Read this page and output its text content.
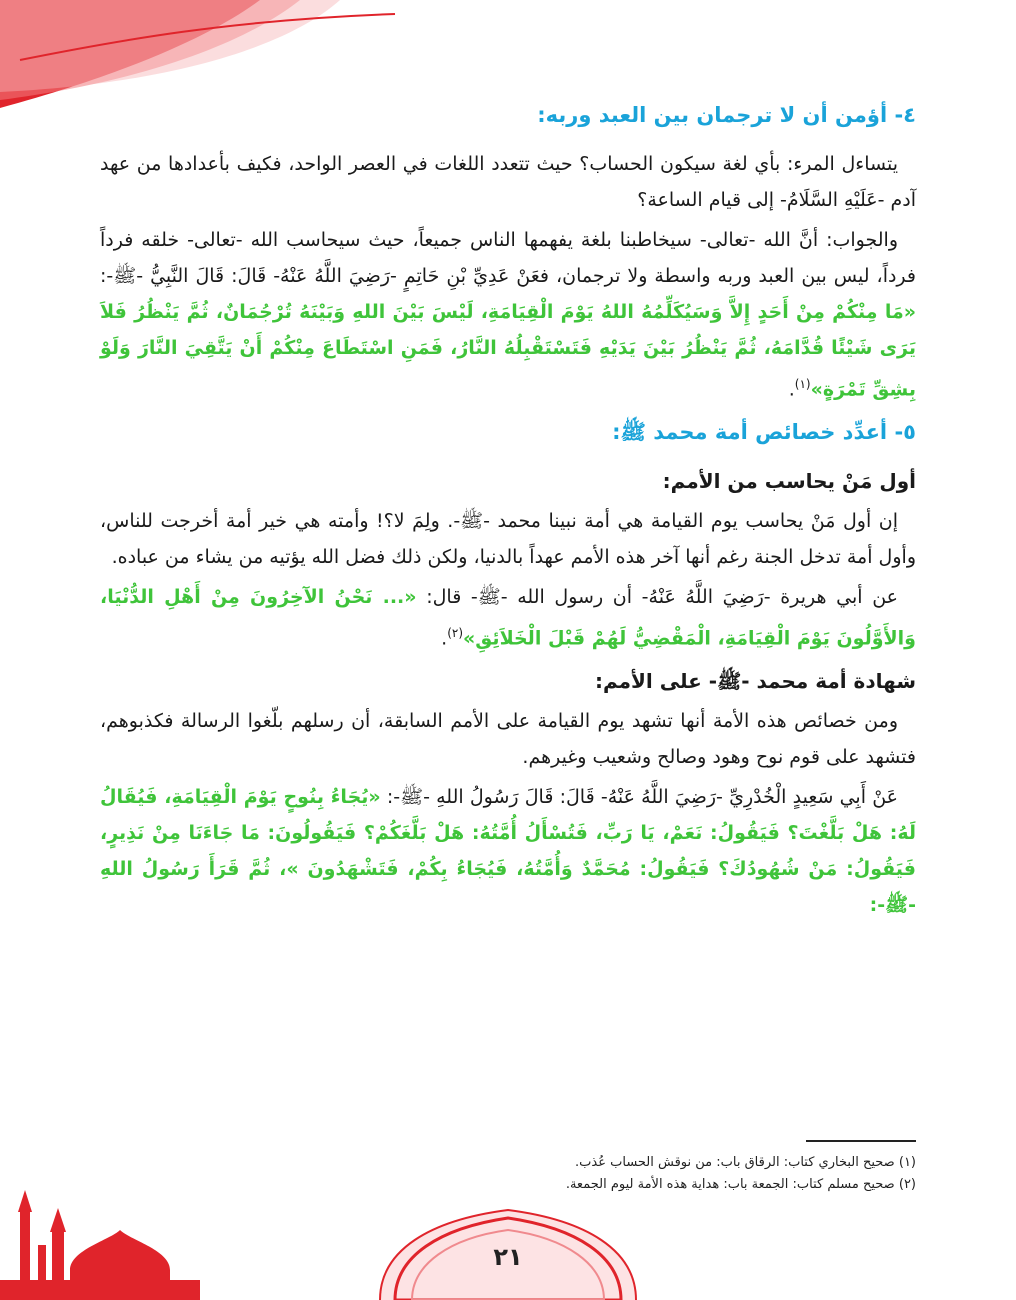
٤- أؤمن أن لا ترجمان بين العبد وربه:

يتساءل المرء: بأي لغة سيكون الحساب؟ حيث تتعدد اللغات في العصر الواحد، فكيف بأعدادها من عهد آدم -عَلَيْهِ السَّلَامُ- إلى قيام الساعة؟

والجواب: أنَّ الله -تعالى- سيخاطبنا بلغة يفهمها الناس جميعاً، حيث سيحاسب الله -تعالى- خلقه فرداً فرداً، ليس بين العبد وربه واسطة ولا ترجمان، فعَنْ عَدِيِّ بْنِ حَاتِمٍ -رَضِيَ اللَّهُ عَنْهُ- قَالَ: قَالَ النَّبِيُّ -ﷺ-: «مَا مِنْكُمْ مِنْ أَحَدٍ إِلاَّ وَسَيُكَلِّمُهُ اللهُ يَوْمَ الْقِيَامَةِ، لَيْسَ بَيْنَ اللهِ وَبَيْنَهُ تُرْجُمَانٌ، ثُمَّ يَنْظُرُ فَلاَ يَرَى شَيْئًا قُدَّامَهُ، ثُمَّ يَنْظُرُ بَيْنَ يَدَيْهِ فَتَسْتَقْبِلُهُ النَّارُ، فَمَنِ اسْتَطَاعَ مِنْكُمْ أَنْ يَتَّقِيَ النَّارَ وَلَوْ بِشِقِّ تَمْرَةٍ»$^{(١)}$.

٥- أعدِّد خصائص أمة محمد ﷺ:
أول مَنْ يحاسب من الأمم:

إن أول مَنْ يحاسب يوم القيامة هي أمة نبينا محمد -ﷺ-. ولِمَ لا؟! وأمته هي خير أمة أخرجت للناس، وأول أمة تدخل الجنة رغم أنها آخر هذه الأمم عهداً بالدنيا، ولكن ذلك فضل الله يؤتيه من يشاء من عباده.

عن أبي هريرة -رَضِيَ اللَّهُ عَنْهُ- أن رسول الله -ﷺ- قال: «... نَحْنُ الآخِرُونَ مِنْ أَهْلِ الدُّنْيَا، وَالأَوَّلُونَ يَوْمَ الْقِيَامَةِ، الْمَقْضِيُّ لَهُمْ قَبْلَ الْخَلاَئِقِ»$^{(٢)}$.

شهادة أمة محمد -ﷺ- على الأمم:

ومن خصائص هذه الأمة أنها تشهد يوم القيامة على الأمم السابقة، أن رسلهم بلّغوا الرسالة فكذبوهم، فتشهد على قوم نوح وهود وصالح وشعيب وغيرهم.

عَنْ أَبِي سَعِيدٍ الْخُدْرِيِّ -رَضِيَ اللَّهُ عَنْهُ- قَالَ: قَالَ رَسُولُ اللهِ -ﷺ-: «يُجَاءُ بِنُوحٍ يَوْمَ الْقِيَامَةِ، فَيُقَالُ لَهُ: هَلْ بَلَّغْتَ؟ فَيَقُولُ: نَعَمْ، يَا رَبِّ، فَتُسْأَلُ أُمَّتُهُ: هَلْ بَلَّغَكُمْ؟ فَيَقُولُونَ: مَا جَاءَنَا مِنْ نَذِيرٍ، فَيَقُولُ: مَنْ شُهُودُكَ؟ فَيَقُولُ: مُحَمَّدٌ وَأُمَّتُهُ، فَيُجَاءُ بِكُمْ، فَتَشْهَدُونَ »، ثُمَّ قَرَأَ رَسُولُ اللهِ -ﷺ-:

(١) صحيح البخاري كتاب: الرقاق باب: من نوقش الحساب عُذب.
(٢) صحيح مسلم كتاب: الجمعة باب: هداية هذه الأمة ليوم الجمعة.
٢١
